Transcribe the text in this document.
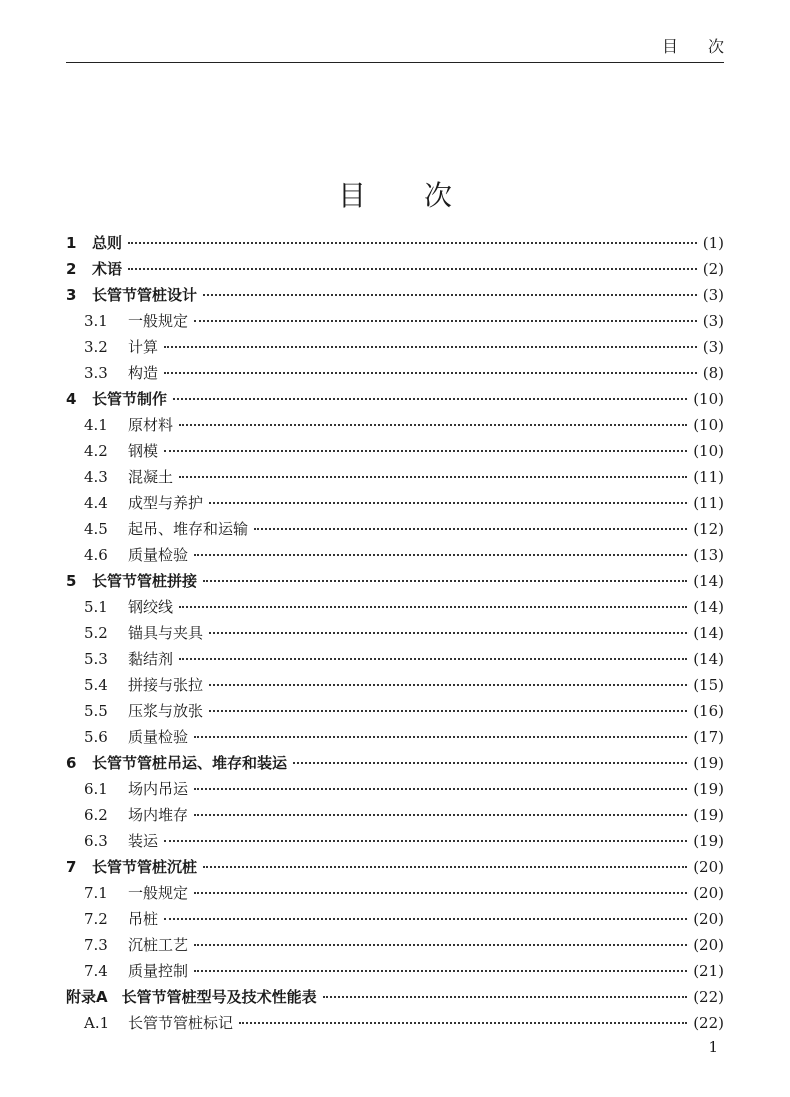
目 次
目 次
1	总则	(1)
2	术语	(2)
3	长管节管桩设计	(3)
3.1	一般规定	(3)
3.2	计算	(3)
3.3	构造	(8)
4	长管节制作	(10)
4.1	原材料	(10)
4.2	钢模	(10)
4.3	混凝土	(11)
4.4	成型与养护	(11)
4.5	起吊、堆存和运输	(12)
4.6	质量检验	(13)
5	长管节管桩拼接	(14)
5.1	钢绞线	(14)
5.2	锚具与夹具	(14)
5.3	黏结剂	(14)
5.4	拼接与张拉	(15)
5.5	压浆与放张	(16)
5.6	质量检验	(17)
6	长管节管桩吊运、堆存和装运	(19)
6.1	场内吊运	(19)
6.2	场内堆存	(19)
6.3	装运	(19)
7	长管节管桩沉桩	(20)
7.1	一般规定	(20)
7.2	吊桩	(20)
7.3	沉桩工艺	(20)
7.4	质量控制	(21)
附录A 长管节管桩型号及技术性能表	(22)
A.1	长管节管桩标记	(22)
1
